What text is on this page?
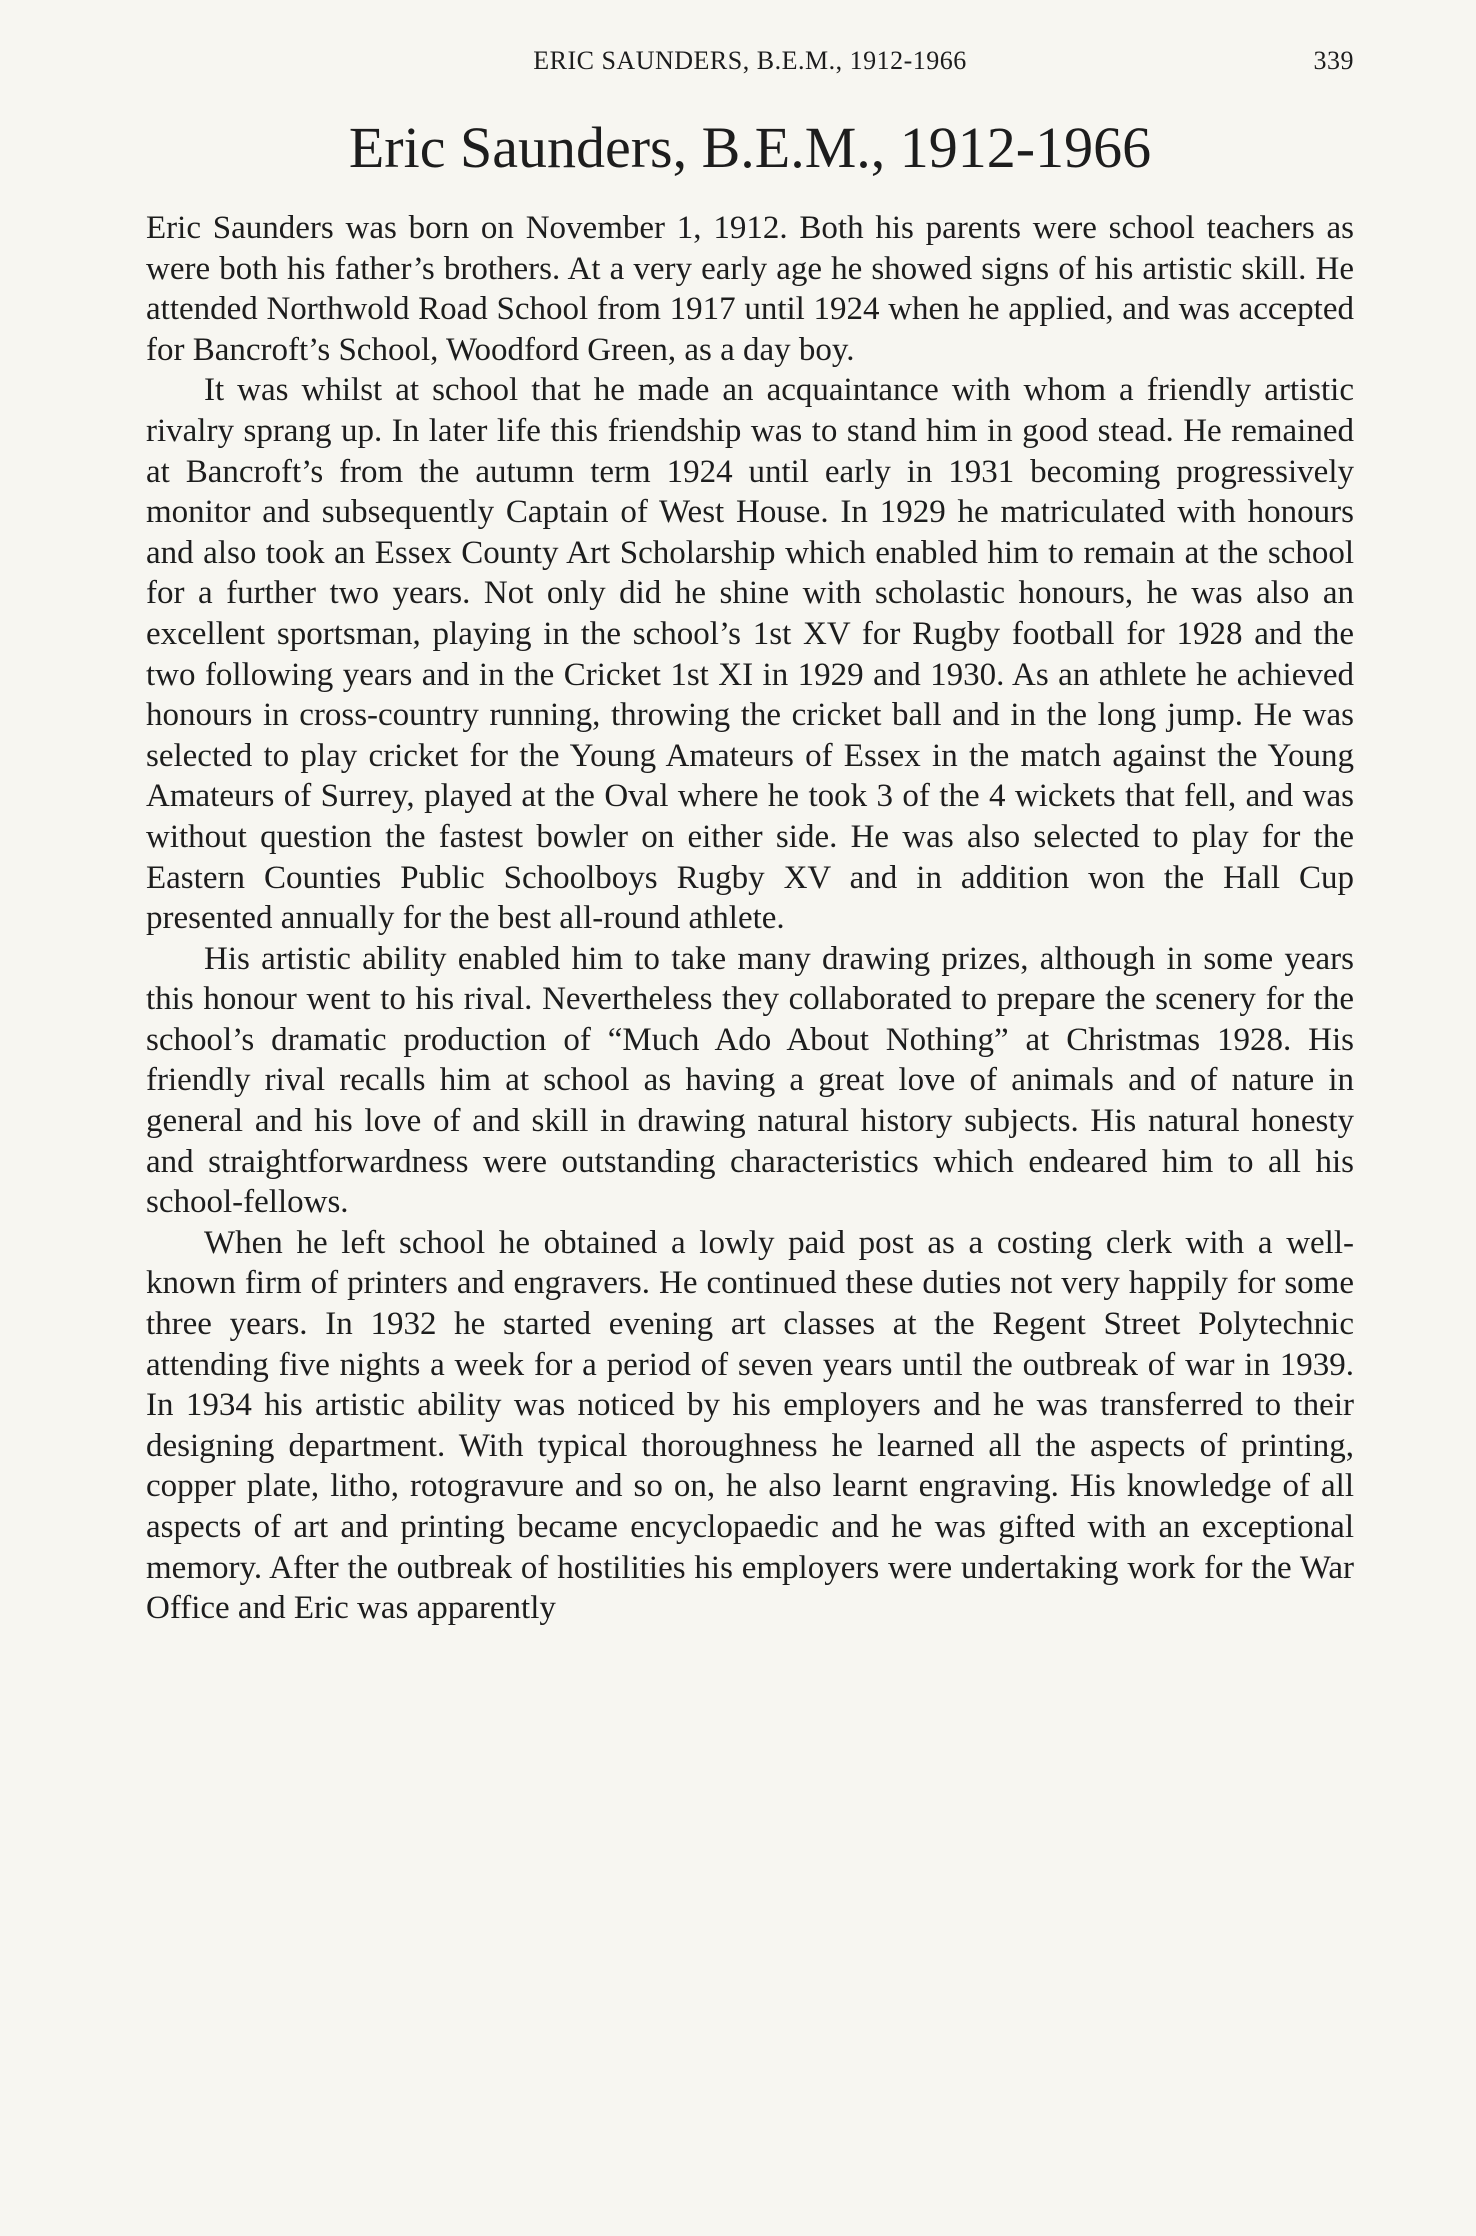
ERIC SAUNDERS, B.E.M., 1912-1966	339
Eric Saunders, B.E.M., 1912-1966

Eric Saunders was born on November 1, 1912. Both his parents were school teachers as were both his father’s brothers. At a very early age he showed signs of his artistic skill. He attended Northwold Road School from 1917 until 1924 when he applied, and was accepted for Bancroft’s School, Woodford Green, as a day boy.

It was whilst at school that he made an acquaintance with whom a friendly artistic rivalry sprang up. In later life this friendship was to stand him in good stead. He remained at Bancroft’s from the autumn term 1924 until early in 1931 becoming progressively monitor and subsequently Captain of West House. In 1929 he matriculated with honours and also took an Essex County Art Scholarship which enabled him to remain at the school for a further two years. Not only did he shine with scholastic honours, he was also an excellent sportsman, playing in the school’s 1st XV for Rugby football for 1928 and the two following years and in the Cricket 1st XI in 1929 and 1930. As an athlete he achieved honours in cross-country running, throwing the cricket ball and in the long jump. He was selected to play cricket for the Young Amateurs of Essex in the match against the Young Amateurs of Surrey, played at the Oval where he took 3 of the 4 wickets that fell, and was without question the fastest bowler on either side. He was also selected to play for the Eastern Counties Public Schoolboys Rugby XV and in addition won the Hall Cup presented annually for the best all-round athlete.

His artistic ability enabled him to take many drawing prizes, although in some years this honour went to his rival. Nevertheless they collaborated to prepare the scenery for the school’s dramatic production of “Much Ado About Nothing” at Christmas 1928. His friendly rival recalls him at school as having a great love of animals and of nature in general and his love of and skill in drawing natural history subjects. His natural honesty and straightforwardness were outstanding characteristics which endeared him to all his school-fellows.

When he left school he obtained a lowly paid post as a costing clerk with a well-known firm of printers and engravers. He continued these duties not very happily for some three years. In 1932 he started evening art classes at the Regent Street Polytechnic attending five nights a week for a period of seven years until the outbreak of war in 1939. In 1934 his artistic ability was noticed by his employers and he was transferred to their designing department. With typical thoroughness he learned all the aspects of printing, copper plate, litho, rotogravure and so on, he also learnt engraving. His knowledge of all aspects of art and printing became encyclopaedic and he was gifted with an exceptional memory. After the outbreak of hostilities his employers were undertaking work for the War Office and Eric was apparently
